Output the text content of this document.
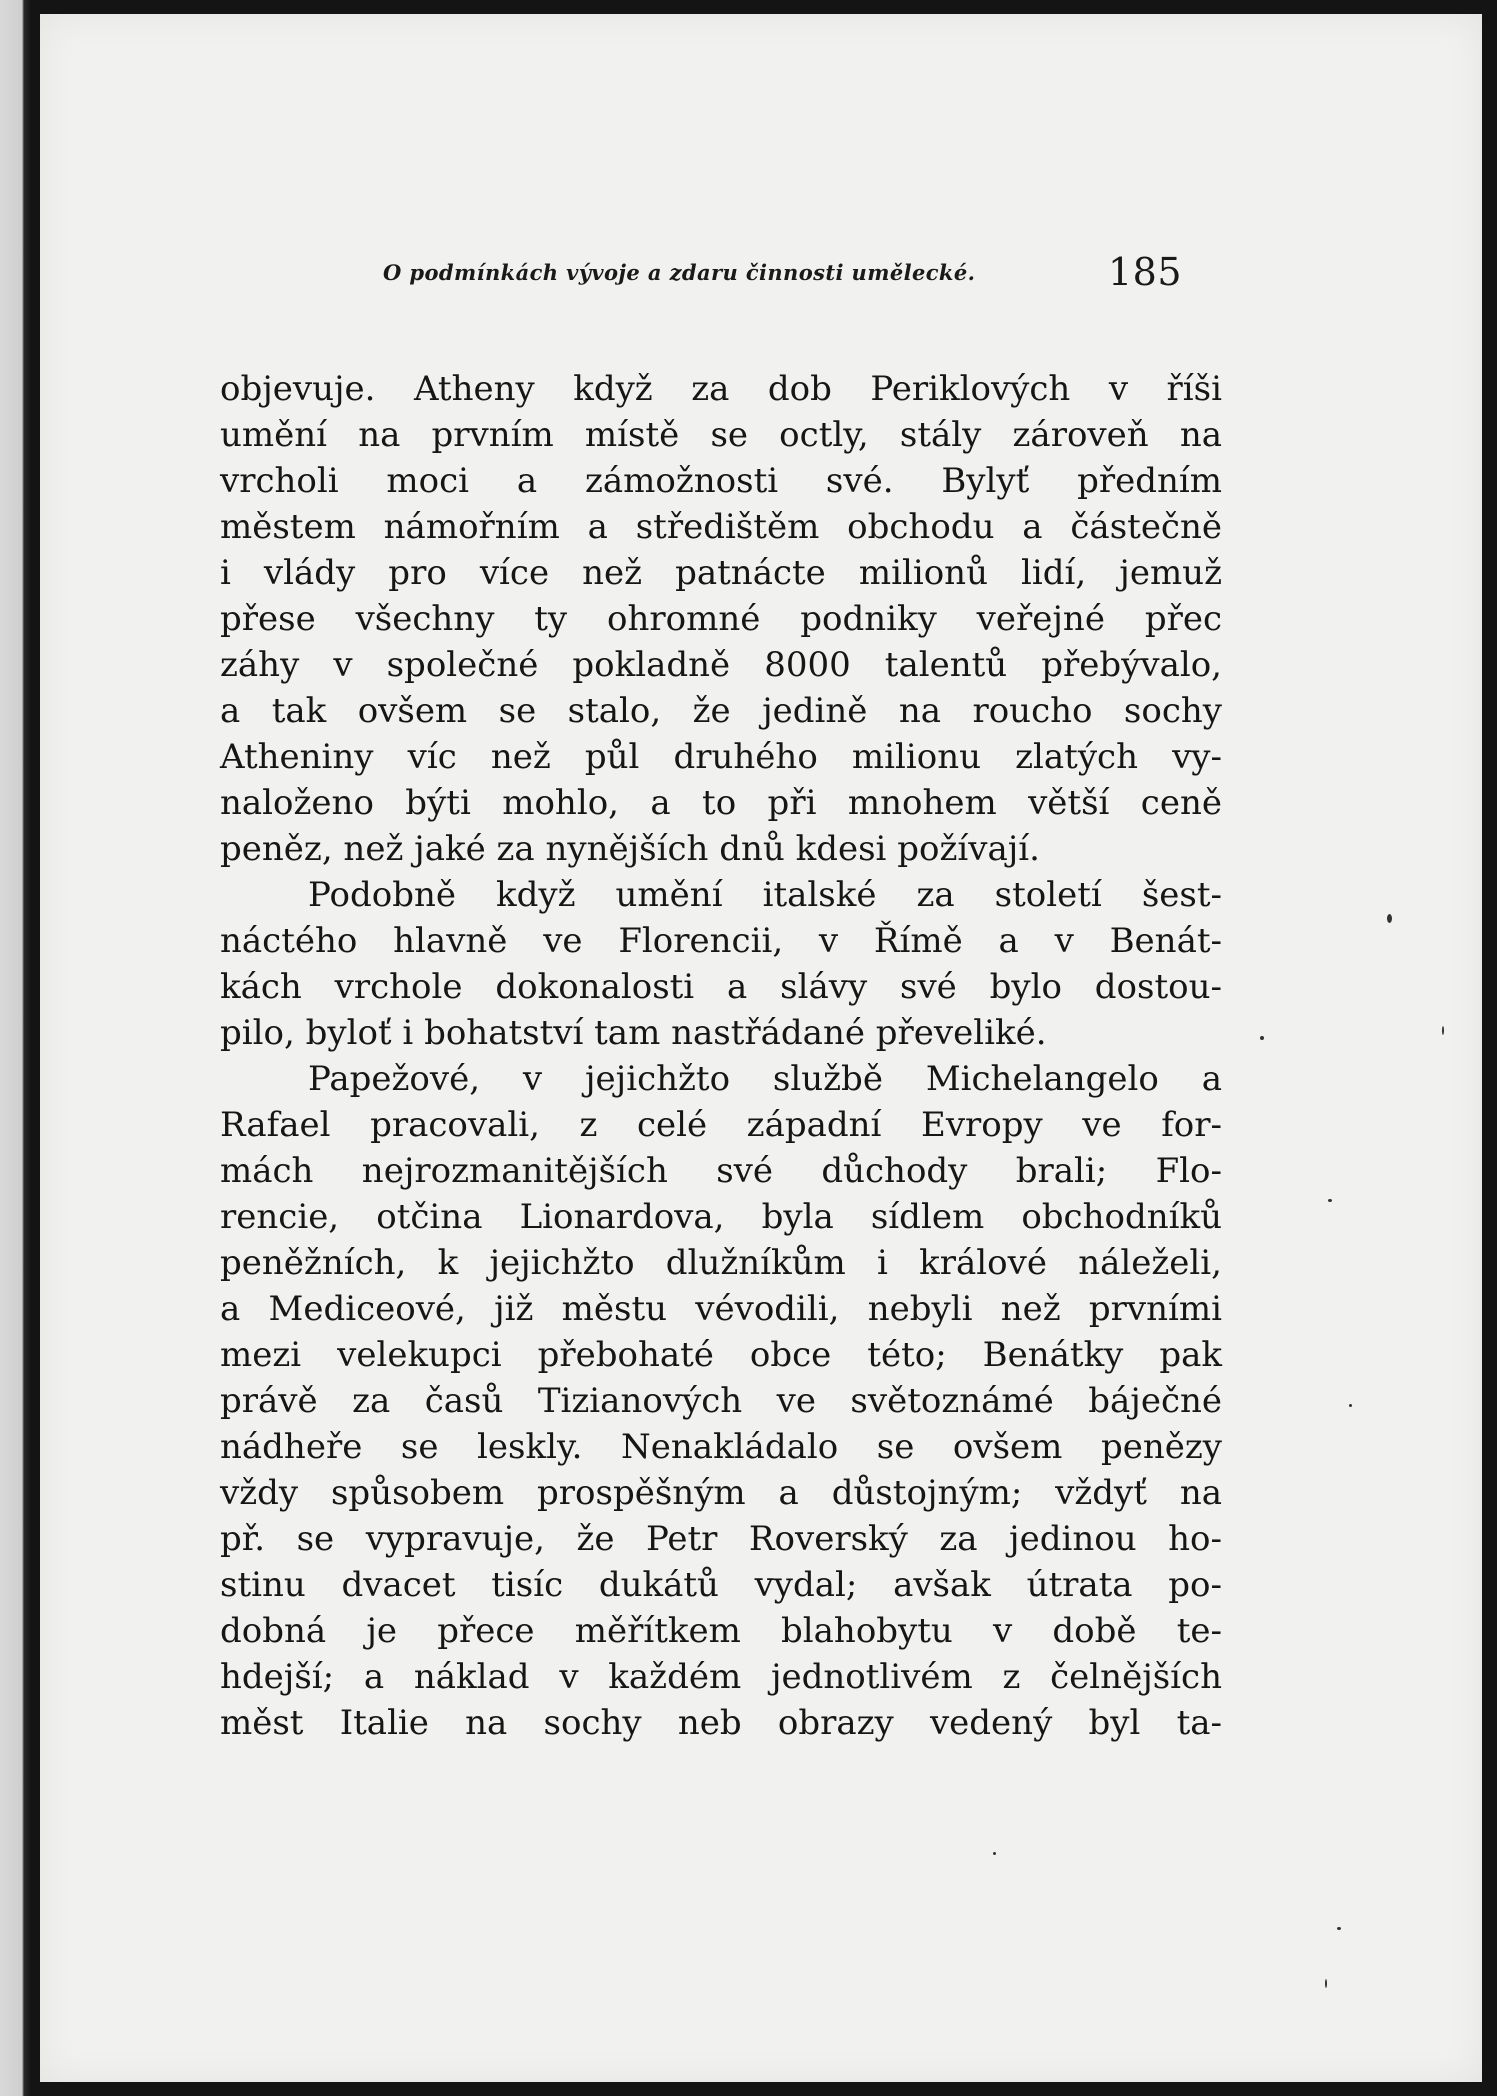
O podmínkách vývoje a zdaru činnosti umělecké.	185
objevuje. Atheny když za dob Periklových v říši
umění na prvním místě se octly, stály zároveň na
vrcholi moci a zámožnosti své. Bylyť předním
městem námořním a středištěm obchodu a částečně
i vlády pro více než patnácte milionů lidí, jemuž
přese všechny ty ohromné podniky veřejné přec
záhy v společné pokladně 8000 talentů přebývalo,
a tak ovšem se stalo, že jedině na roucho sochy
Atheniny víc než půl druhého milionu zlatých vy-
naloženo býti mohlo, a to při mnohem větší ceně
peněz, než jaké za nynějších dnů kdesi požívají.
Podobně když umění italské za století šest-
náctého hlavně ve Florencii, v Římě a v Benát-
kách vrchole dokonalosti a slávy své bylo dostou-
pilo, byloť i bohatství tam nastřádané převeliké.
Papežové, v jejichžto službě Michelangelo a
Rafael pracovali, z celé západní Evropy ve for-
mách nejrozmanitějších své důchody brali; Flo-
rencie, otčina Lionardova, byla sídlem obchodníků
peněžních, k jejichžto dlužníkům i králové náleželi,
a Mediceové, již městu vévodili, nebyli než prvními
mezi velekupci přebohaté obce této; Benátky pak
právě za časů Tizianových ve světoznámé báječné
nádheře se leskly. Nenakládalo se ovšem penězy
vždy spůsobem prospěšným a důstojným; vždyť na
př. se vypravuje, že Petr Roverský za jedinou ho-
stinu dvacet tisíc dukátů vydal; avšak útrata po-
dobná je přece měřítkem blahobytu v době te-
hdejší; a náklad v každém jednotlivém z čelnějších
měst Italie na sochy neb obrazy vedený byl ta-
